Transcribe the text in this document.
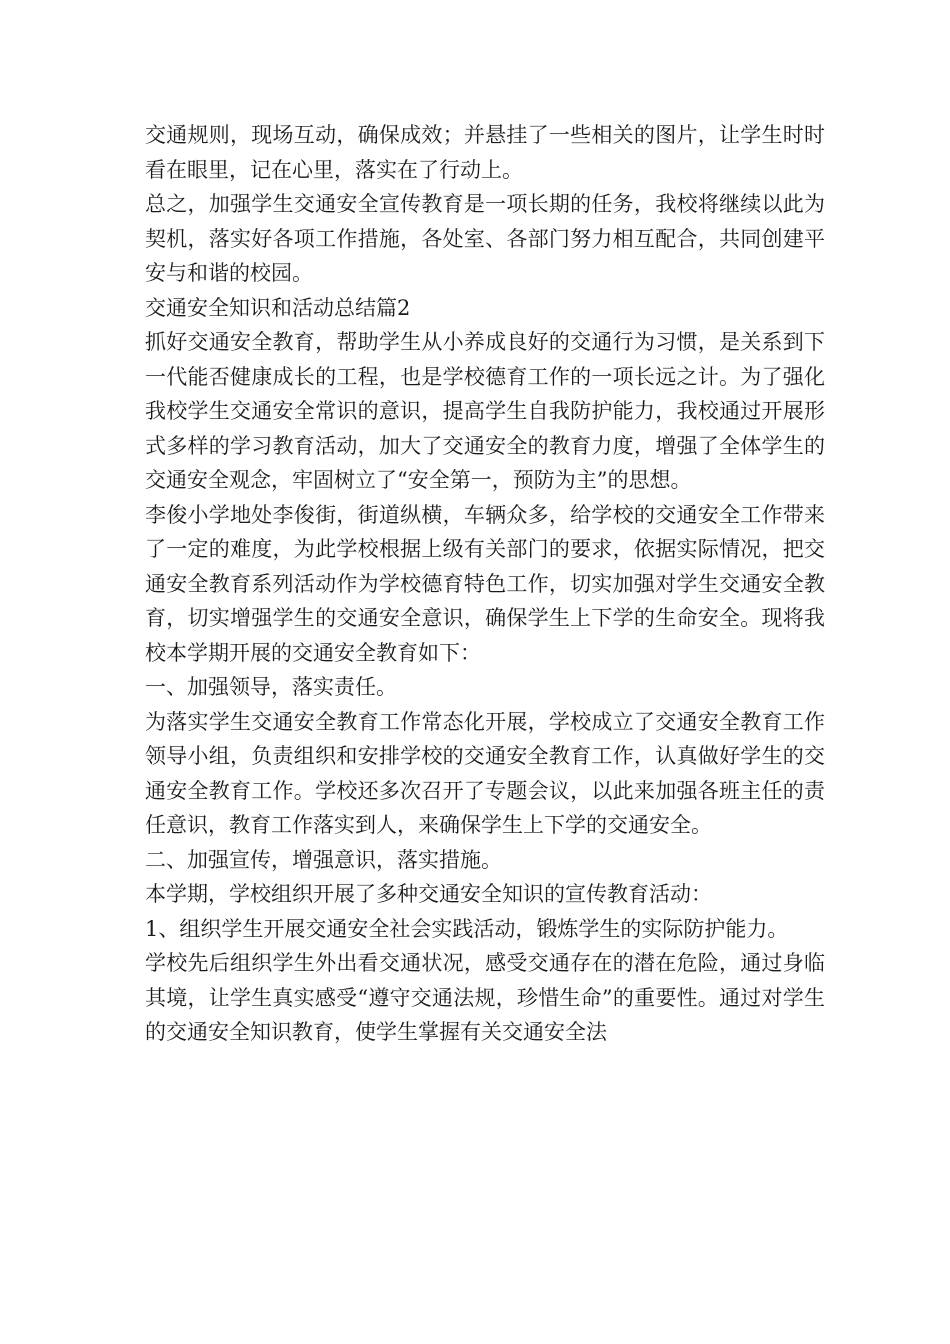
交通规则，现场互动，确保成效；并悬挂了一些相关的图片，让学生时时看在眼里，记在心里，落实在了行动上。

总之，加强学生交通安全宣传教育是一项长期的任务，我校将继续以此为契机，落实好各项工作措施，各处室、各部门努力相互配合，共同创建平安与和谐的校园。

交通安全知识和活动总结篇2

抓好交通安全教育，帮助学生从小养成良好的交通行为习惯，是关系到下一代能否健康成长的工程，也是学校德育工作的一项长远之计。为了强化我校学生交通安全常识的意识，提高学生自我防护能力，我校通过开展形式多样的学习教育活动，加大了交通安全的教育力度，增强了全体学生的交通安全观念，牢固树立了“安全第一，预防为主”的思想。

李俊小学地处李俊街，街道纵横，车辆众多，给学校的交通安全工作带来了一定的难度，为此学校根据上级有关部门的要求，依据实际情况，把交通安全教育系列活动作为学校德育特色工作，切实加强对学生交通安全教育，切实增强学生的交通安全意识，确保学生上下学的生命安全。现将我校本学期开展的交通安全教育如下：

一、加强领导，落实责任。

为落实学生交通安全教育工作常态化开展，学校成立了交通安全教育工作领导小组，负责组织和安排学校的交通安全教育工作，认真做好学生的交通安全教育工作。学校还多次召开了专题会议，以此来加强各班主任的责任意识，教育工作落实到人，来确保学生上下学的交通安全。

二、加强宣传，增强意识，落实措施。

本学期，学校组织开展了多种交通安全知识的宣传教育活动：

1、组织学生开展交通安全社会实践活动，锻炼学生的实际防护能力。

学校先后组织学生外出看交通状况，感受交通存在的潜在危险，通过身临其境，让学生真实感受“遵守交通法规，珍惜生命”的重要性。通过对学生的交通安全知识教育，使学生掌握有关交通安全法
